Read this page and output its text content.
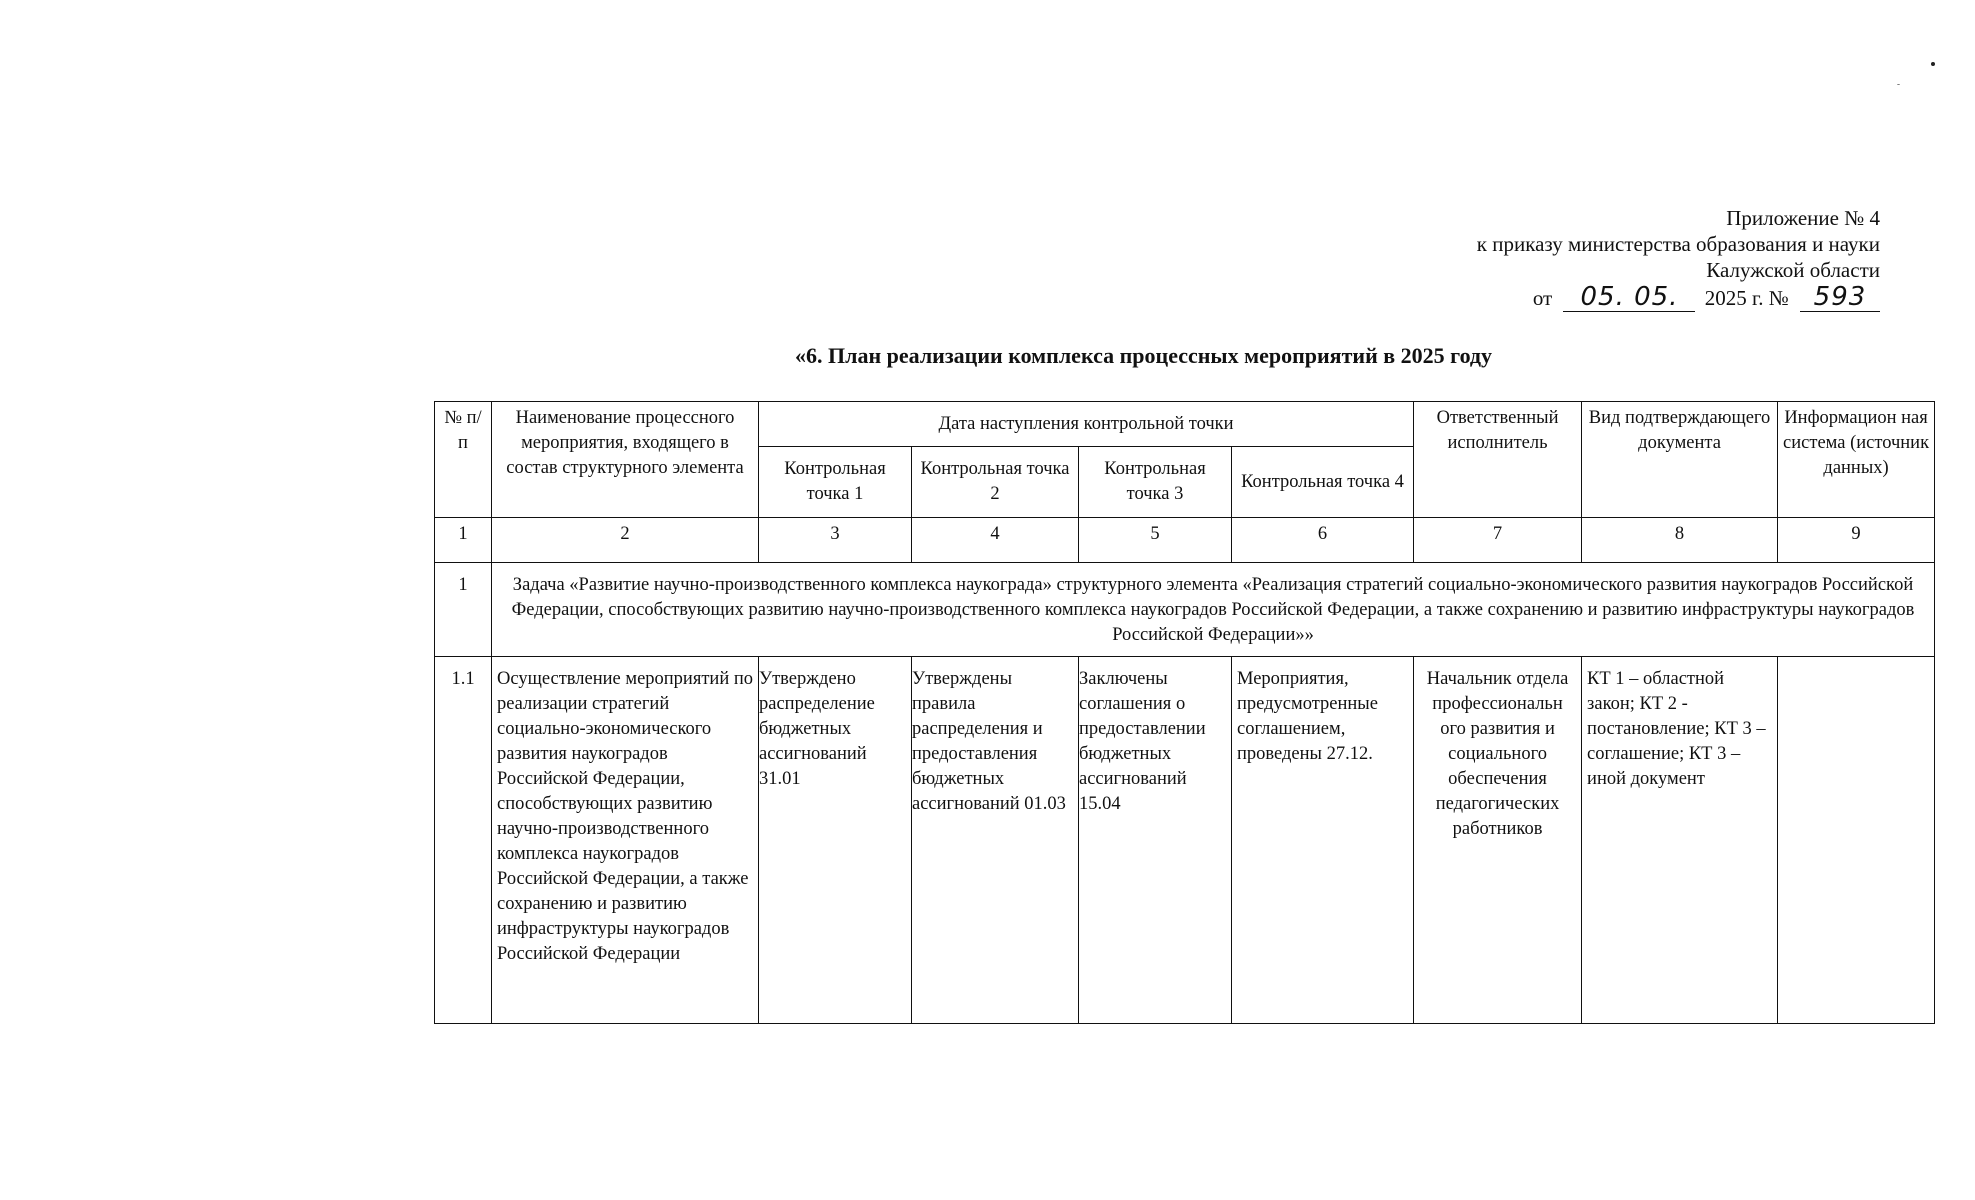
Приложение № 4
к приказу министерства образования и науки
Калужской области
от 05. 05. 2025 г. № 593
«6. План реализации комплекса процессных мероприятий в 2025 году
№ п/п	Наименование процессного мероприятия, входящего в состав структурного элемента	Дата наступления контрольной точки				Ответственный исполнитель	Вид подтверждающего документа	Информацион ная система (источник данных)
		Контрольная точка 1	Контрольная точка 2	Контрольная точка 3	Контрольная точка 4			
1	2	3	4	5	6	7	8	9
1	Задача «Развитие научно-производственного комплекса наукограда» структурного элемента «Реализация стратегий социально-экономического развития наукоградов Российской Федерации, способствующих развитию научно-производственного комплекса наукоградов Российской Федерации, а также сохранению и развитию инфраструктуры наукоградов Российской Федерации»»							
1.1	Осуществление мероприятий по реализации стратегий социально-экономического развития наукоградов Российской Федерации, способствующих развитию научно-производственного комплекса наукоградов Российской Федерации, а также сохранению и развитию инфраструктуры наукоградов Российской Федерации	Утверждено распределение бюджетных ассигнований 31.01	Утверждены правила распределения и предоставления бюджетных ассигнований 01.03	Заключены соглашения о предоставлении бюджетных ассигнований 15.04	Мероприятия, предусмотренные соглашением, проведены 27.12.	Начальник отдела профессиональн ого развития и социального обеспечения педагогических работников	КТ 1 – областной закон; КТ 2 - постановление; КТ 3 – соглашение; КТ 3 – иной документ	
